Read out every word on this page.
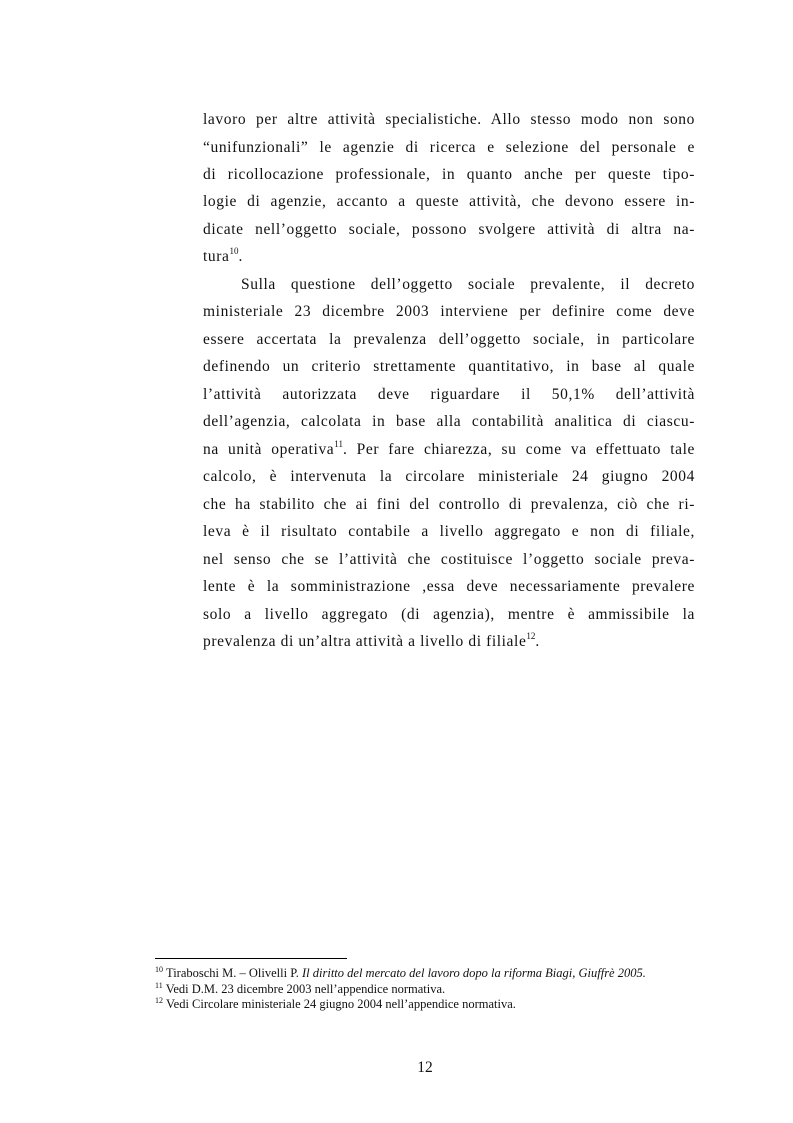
lavoro per altre attività specialistiche. Allo stesso modo non sono
“unifunzionali” le agenzie di ricerca e selezione del personale e
di ricollocazione professionale, in quanto anche per queste tipo-
logie di agenzie, accanto a queste attività, che devono essere in-
dicate nell’oggetto sociale, possono svolgere attività di altra na-
tura$^{10}$.
Sulla questione dell’oggetto sociale prevalente, il decreto
ministeriale 23 dicembre 2003 interviene per definire come deve
essere accertata la prevalenza dell’oggetto sociale, in particolare
definendo un criterio strettamente quantitativo, in base al quale
l’attività autorizzata deve riguardare il 50,1% dell’attività
dell’agenzia, calcolata in base alla contabilità analitica di ciascu-
na unità operativa$^{11}$. Per fare chiarezza, su come va effettuato tale
calcolo, è intervenuta la circolare ministeriale 24 giugno 2004
che ha stabilito che ai fini del controllo di prevalenza, ciò che ri-
leva è il risultato contabile a livello aggregato e non di filiale,
nel senso che se l’attività che costituisce l’oggetto sociale preva-
lente è la somministrazione ,essa deve necessariamente prevalere
solo a livello aggregato (di agenzia), mentre è ammissibile la
prevalenza di un’altra attività a livello di filiale$^{12}$.
$^{10}$ Tiraboschi M. – Olivelli P. Il diritto del mercato del lavoro dopo la riforma Biagi, Giuffrè 2005.
$^{11}$ Vedi D.M. 23 dicembre 2003 nell’appendice normativa.
$^{12}$ Vedi Circolare ministeriale 24 giugno 2004 nell’appendice normativa.
12
